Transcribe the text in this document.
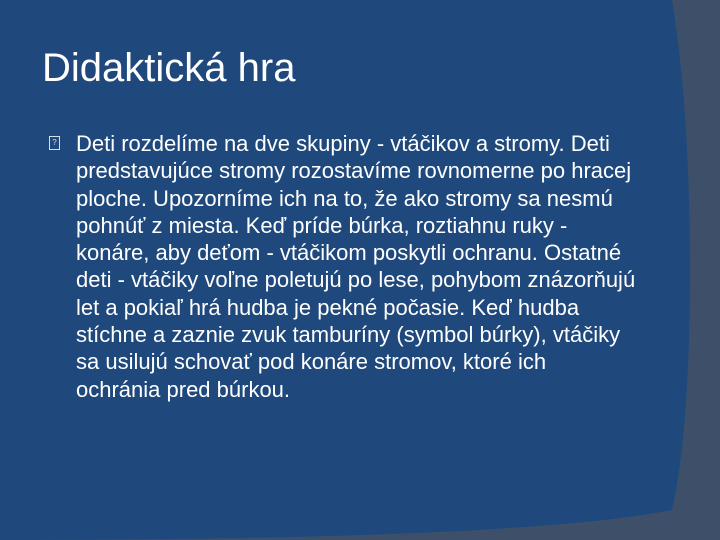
Didaktická hra
? Deti rozdelíme na dve skupiny - vtáčikov a stromy. Deti predstavujúce stromy rozostavíme rovnomerne po hracej ploche. Upozorníme ich na to, že ako stromy sa nesmú pohnúť z miesta. Keď príde búrka, roztiahnu ruky - konáre, aby deťom - vtáčikom poskytli ochranu. Ostatné deti - vtáčiky voľne poletujú po lese, pohybom znázorňujú let a pokiaľ hrá hudba je pekné počasie. Keď hudba stíchne a zaznie zvuk tamburíny (symbol búrky), vtáčiky sa usilujú schovať pod konáre stromov, ktoré ich ochránia pred búrkou.
